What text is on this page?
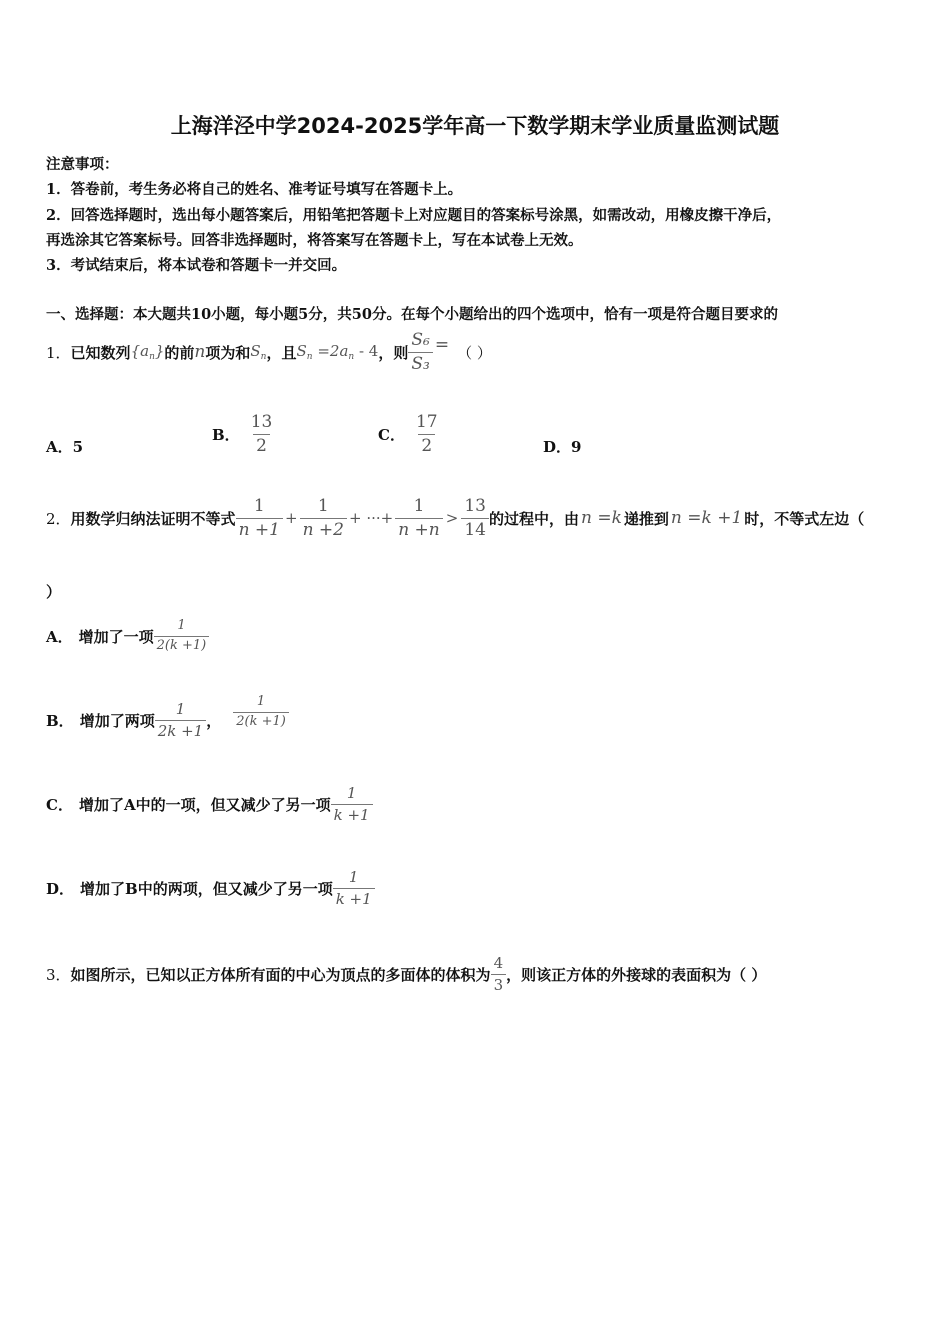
上海洋泾中学2024-2025学年高一下数学期末学业质量监测试题
注意事项：
1．答卷前，考生务必将自己的姓名、准考证号填写在答题卡上。
2．回答选择题时，选出每小题答案后，用铅笔把答题卡上对应题目的答案标号涂黑，如需改动，用橡皮擦干净后，
再选涂其它答案标号。回答非选择题时，将答案写在答题卡上，写在本试卷上无效。
3．考试结束后，将本试卷和答题卡一并交回。
一、选择题：本大题共10小题，每小题5分，共50分。在每个小题给出的四个选项中，恰有一项是符合题目要求的
1． 已知数列 $\{a_n\}$ 的前 n 项为和 $S_n$ ，且 $S_n =2a_n - 4$ ，则 $\frac{\text{S₆}}{\text{S₃}}$ = （ ）
A．5
B． $\frac{13}{2}$	C． $\frac{17}{2}$	D．9
2． 用数学归纳法证明不等式 $\frac{1}{n +1} + \frac{1}{n +2}$ + ···+ $\frac{1}{n +n} > \frac{13}{14}$ 的过程中，由 n =k 递推到 n =k +1 时，不等式左边（
）
A． 增加了一项 $\frac{1}{2(k +1)}$
B． 增加了两项 $\frac{1}{2k +1}$ ， $\frac{1}{2(k +1)}$
C． 增加了A中的一项，但又减少了另一项 $\frac{1}{k +1}$
D． 增加了B中的两项，但又减少了另一项 $\frac{1}{k +1}$
3． 如图所示，已知以正方体所有面的中心为顶点的多面体的体积为 $\frac{4}{3}$ ，则该正方体的外接球的表面积为（ ）
